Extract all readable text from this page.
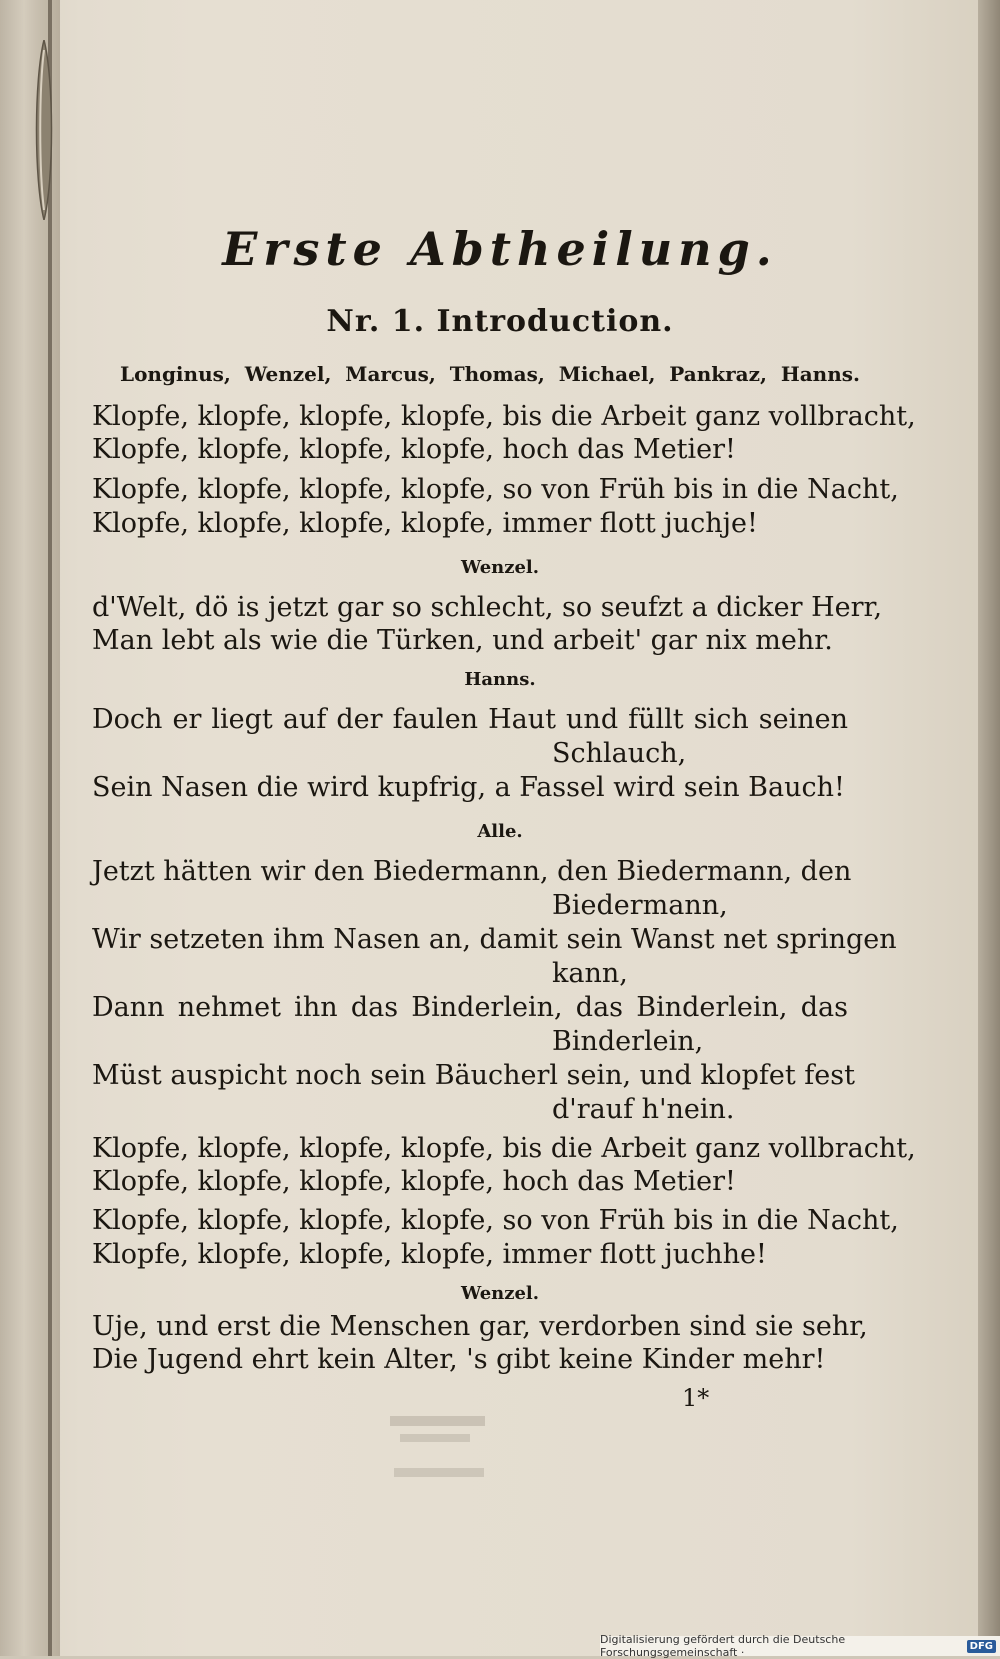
Erste Abtheilung.
Nr. 1. Introduction.
Longinus, Wenzel, Marcus, Thomas, Michael, Pankraz, Hanns.
Klopfe, klopfe, klopfe, klopfe, bis die Arbeit ganz vollbracht,
Klopfe, klopfe, klopfe, klopfe, hoch das Metier!
Klopfe, klopfe, klopfe, klopfe, so von Früh bis in die Nacht,
Klopfe, klopfe, klopfe, klopfe, immer flott juchje!
Wenzel.
d'Welt, dö is jetzt gar so schlecht, so seufzt a dicker Herr,
Man lebt als wie die Türken, und arbeit' gar nix mehr.
Hanns.
Doch er liegt auf der faulen Haut und füllt sich seinen
Schlauch,
Sein Nasen die wird kupfrig, a Fassel wird sein Bauch!
Alle.
Jetzt hätten wir den Biedermann, den Biedermann, den
Biedermann,
Wir setzeten ihm Nasen an, damit sein Wanst net springen
kann,
Dann nehmet ihn das Binderlein, das Binderlein, das
Binderlein,
Müst auspicht noch sein Bäucherl sein, und klopfet fest
d'rauf h'nein.
Klopfe, klopfe, klopfe, klopfe, bis die Arbeit ganz vollbracht,
Klopfe, klopfe, klopfe, klopfe, hoch das Metier!
Klopfe, klopfe, klopfe, klopfe, so von Früh bis in die Nacht,
Klopfe, klopfe, klopfe, klopfe, immer flott juchhe!
Wenzel.
Uje, und erst die Menschen gar, verdorben sind sie sehr,
Die Jugend ehrt kein Alter, 's gibt keine Kinder mehr!
1*
Digitalisierung gefördert durch die Deutsche Forschungsgemeinschaft ·	DFG
